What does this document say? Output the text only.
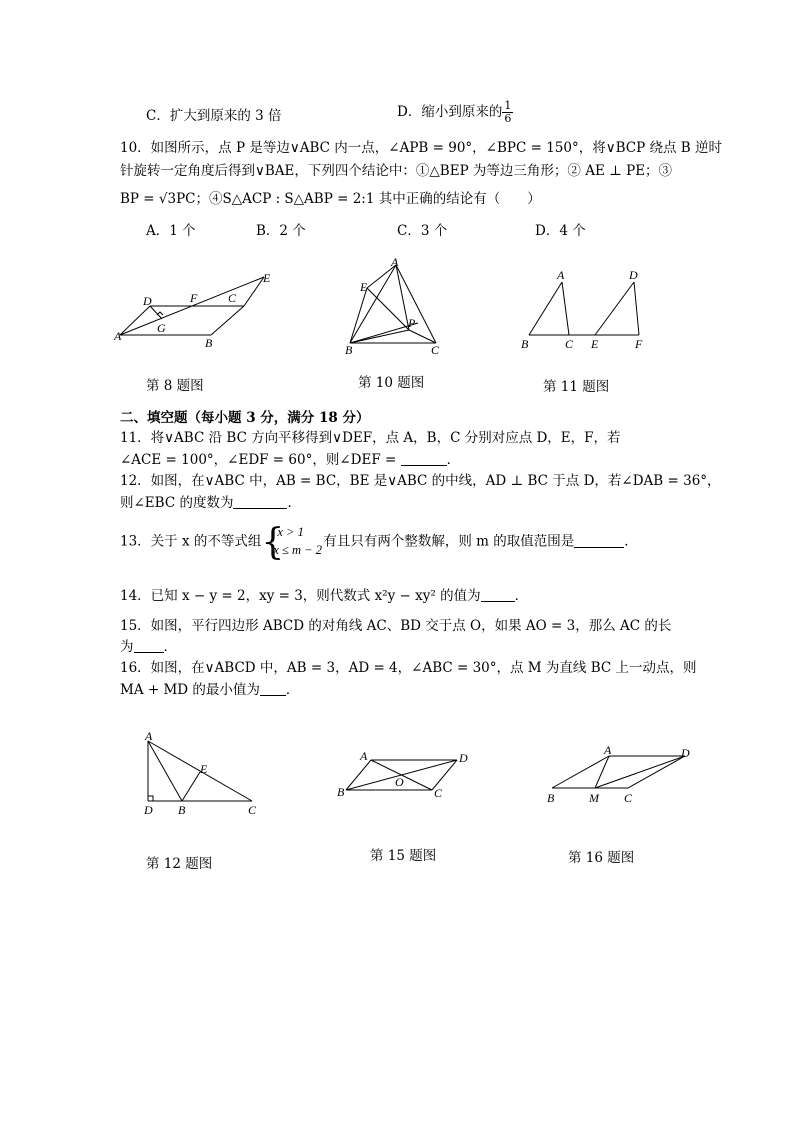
C．扩大到原来的 3 倍	D．缩小到原来的 $\frac{1}{6}$
10．如图所示，点 P 是等边∨ABC 内一点，∠APB = 90°，∠BPC = 150°，将∨BCP 绕点 B 逆时
针旋转一定角度后得到∨BAE，下列四个结论中：①△BEP 为等边三角形；② AE ⊥ PE；③
BP = √3PC；④S△ACP : S△ABP = 2:1 其中正确的结论有（　　）
A．1 个	B．2 个	C．3 个	D．4 个
A	B
C
D
E
F
G
A
B	C
E
P
A
B	C
D
E	F
第 8 题图	第 10 题图	第 11 题图
二、填空题（每小题 3 分，满分 18 分）
11．将∨ABC 沿 BC 方向平移得到∨DEF，点 A，B，C 分别对应点 D，E，F，若
∠ACE = 100°，∠EDF = 60°，则∠DEF =	．
12．如图，在∨ABC 中，AB = BC，BE 是∨ABC 的中线，AD ⊥ BC 于点 D，若∠DAB = 36°，
则∠EBC 的度数为	．
13．关于 x 的不等式组 {
x > 1
x ≤ m − 2
有且只有两个整数解，则 m 的取值范围是	．
14．已知 x − y = 2，xy = 3，则代数式 x²y − xy² 的值为	．
15．如图，平行四边形 ABCD 的对角线 AC、BD 交于点 O，如果 AO = 3，那么 AC 的长
为 ．
16．如图，在∨ABCD 中，AB = 3，AD = 4，∠ABC = 30°，点 M 为直线 BC 上一动点，则
MA + MD 的最小值为 ．
A
B	C
D
E
A
B	C
D
O
A
B	C
D
M
第 12 题图	第 15 题图	第 16 题图
